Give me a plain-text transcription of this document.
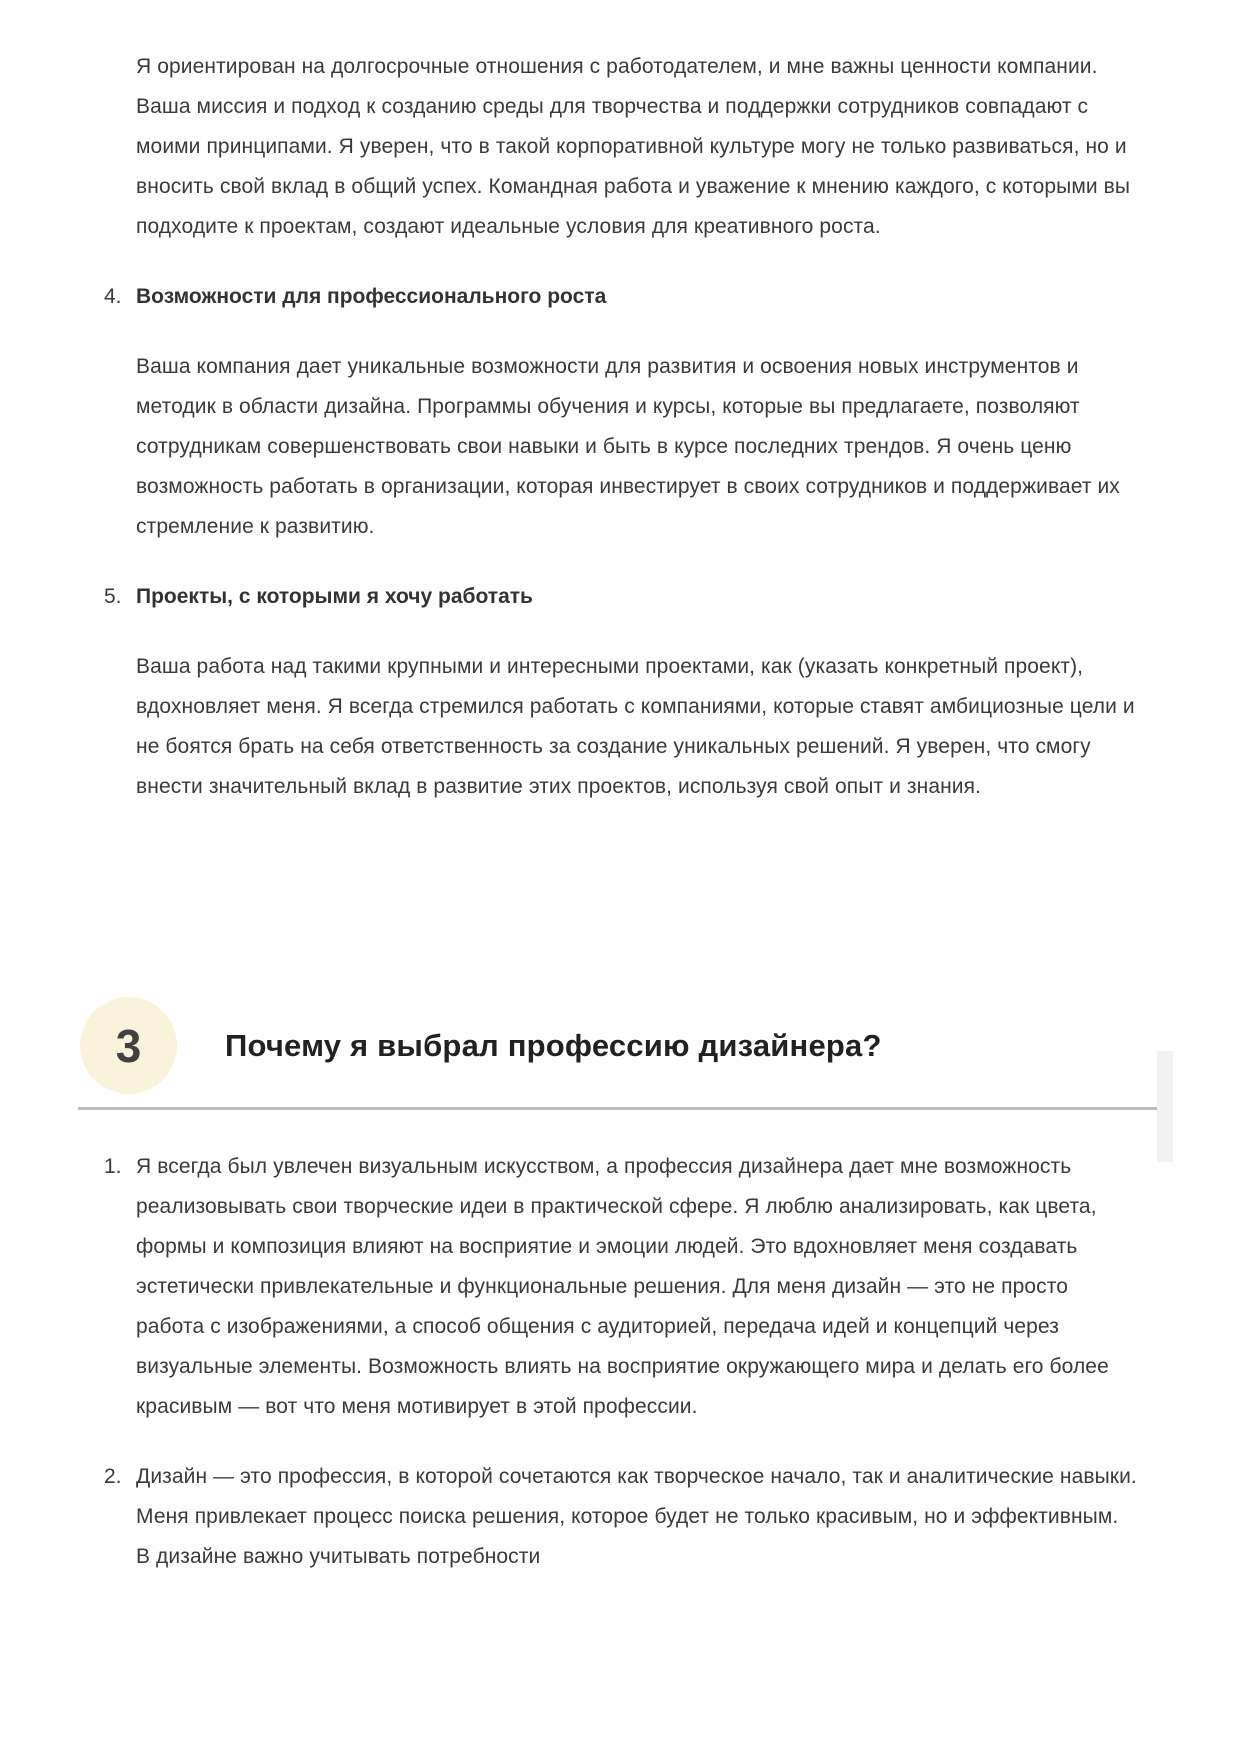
Я ориентирован на долгосрочные отношения с работодателем, и мне важны ценности компании. Ваша миссия и подход к созданию среды для творчества и поддержки сотрудников совпадают с моими принципами. Я уверен, что в такой корпоративной культуре могу не только развиваться, но и вносить свой вклад в общий успех. Командная работа и уважение к мнению каждого, с которыми вы подходите к проектам, создают идеальные условия для креативного роста.

4. Возможности для профессионального роста

Ваша компания дает уникальные возможности для развития и освоения новых инструментов и методик в области дизайна. Программы обучения и курсы, которые вы предлагаете, позволяют сотрудникам совершенствовать свои навыки и быть в курсе последних трендов. Я очень ценю возможность работать в организации, которая инвестирует в своих сотрудников и поддерживает их стремление к развитию.

5. Проекты, с которыми я хочу работать

Ваша работа над такими крупными и интересными проектами, как (указать конкретный проект), вдохновляет меня. Я всегда стремился работать с компаниями, которые ставят амбициозные цели и не боятся брать на себя ответственность за создание уникальных решений. Я уверен, что смогу внести значительный вклад в развитие этих проектов, используя свой опыт и знания.

3	Почему я выбрал профессию дизайнера?
1. Я всегда был увлечен визуальным искусством, а профессия дизайнера дает мне возможность реализовывать свои творческие идеи в практической сфере. Я люблю анализировать, как цвета, формы и композиция влияют на восприятие и эмоции людей. Это вдохновляет меня создавать эстетически привлекательные и функциональные решения. Для меня дизайн — это не просто работа с изображениями, а способ общения с аудиторией, передача идей и концепций через визуальные элементы. Возможность влиять на восприятие окружающего мира и делать его более красивым — вот что меня мотивирует в этой профессии.

2. Дизайн — это профессия, в которой сочетаются как творческое начало, так и аналитические навыки. Меня привлекает процесс поиска решения, которое будет не только красивым, но и эффективным. В дизайне важно учитывать потребности
